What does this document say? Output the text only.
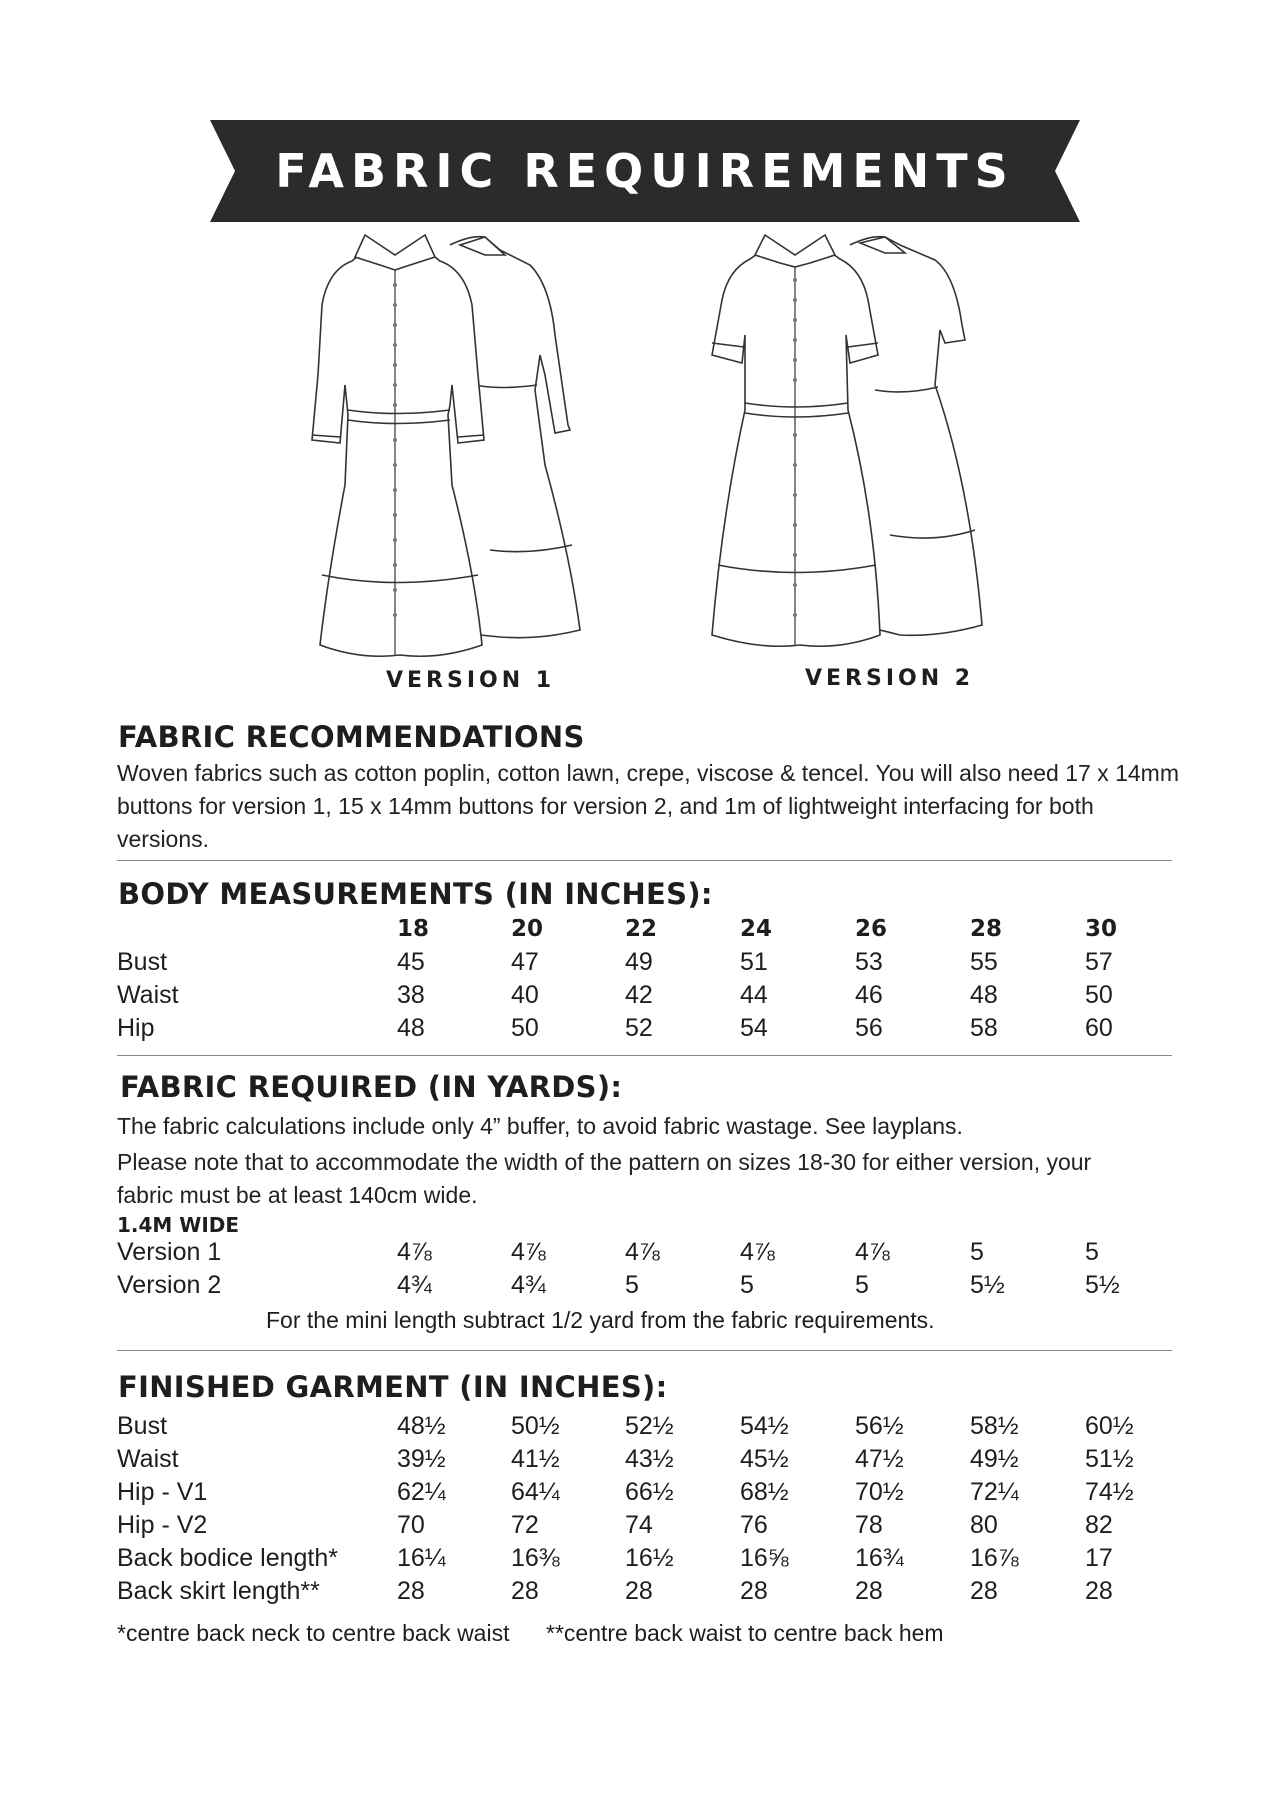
FABRIC REQUIREMENTS
VERSION 1	VERSION 2
FABRIC RECOMMENDATIONS
Woven fabrics such as cotton poplin, cotton lawn, crepe, viscose & tencel. You will also need 17 x 14mm
buttons for version 1, 15 x 14mm buttons for version 2, and 1m of lightweight interfacing for both
versions.
BODY MEASUREMENTS (IN INCHES):
18	20	22	24	26	28	30
Bust	45	47	49	51	53	55	57
Waist	38	40	42	44	46	48	50
Hip	48	50	52	54	56	58	60
FABRIC REQUIRED (IN YARDS):
The fabric calculations include only 4” buffer, to avoid fabric wastage. See layplans.
Please note that to accommodate the width of the pattern on sizes 18-30 for either version, your
fabric must be at least 140cm wide.
1.4M WIDE
Version 1	4⅞	4⅞	4⅞	4⅞	4⅞	5	5
Version 2	4¾	4¾	5	5	5	5½	5½
For the mini length subtract 1/2 yard from the fabric requirements.
FINISHED GARMENT (IN INCHES):
Bust	48½	50½	52½	54½	56½	58½	60½
Waist	39½	41½	43½	45½	47½	49½	51½
Hip - V1	62¼	64¼	66½	68½	70½	72¼	74½
Hip - V2	70	72	74	76	78	80	82
Back bodice length* 16¼	16⅜	16½	16⅝	16¾	16⅞	17
Back skirt length**	28	28	28	28	28	28	28
*centre back neck to centre back waist **centre back waist to centre back hem
